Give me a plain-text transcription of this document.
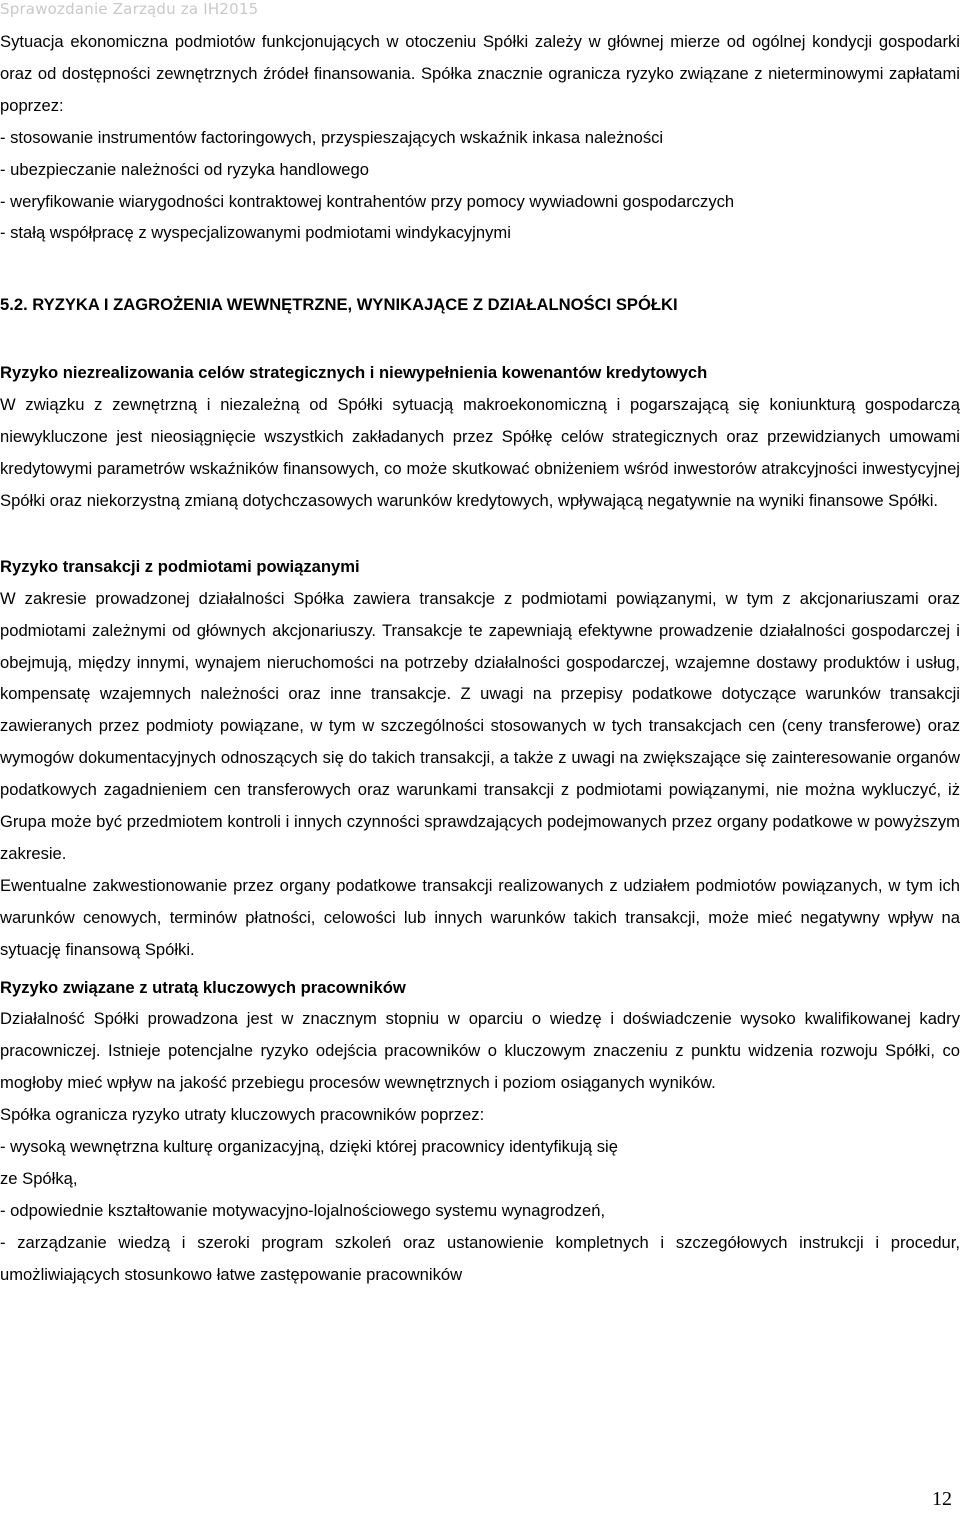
Sprawozdanie Zarządu za IH2015

Sytuacja ekonomiczna podmiotów funkcjonujących w otoczeniu Spółki zależy w głównej mierze od ogólnej kondycji gospodarki oraz od dostępności zewnętrznych źródeł finansowania. Spółka znacznie ogranicza ryzyko związane z nieterminowymi zapłatami poprzez:

- stosowanie instrumentów factoringowych, przyspieszających wskaźnik inkasa należności

- ubezpieczanie należności od ryzyka handlowego

- weryfikowanie wiarygodności kontraktowej kontrahentów przy pomocy wywiadowni gospodarczych

- stałą współpracę z wyspecjalizowanymi podmiotami windykacyjnymi

5.2. RYZYKA I ZAGROŻENIA WEWNĘTRZNE, WYNIKAJĄCE Z DZIAŁALNOŚCI SPÓŁKI

Ryzyko niezrealizowania celów strategicznych i niewypełnienia kowenantów kredytowych

W związku z zewnętrzną i niezależną od Spółki sytuacją makroekonomiczną i pogarszającą się koniunkturą gospodarczą niewykluczone jest nieosiągnięcie wszystkich zakładanych przez Spółkę celów strategicznych oraz przewidzianych umowami kredytowymi parametrów wskaźników finansowych, co może skutkować obniżeniem wśród inwestorów atrakcyjności inwestycyjnej Spółki oraz niekorzystną zmianą dotychczasowych warunków kredytowych, wpływającą negatywnie na wyniki finansowe Spółki.

Ryzyko transakcji z podmiotami powiązanymi

W zakresie prowadzonej działalności Spółka zawiera transakcje z podmiotami powiązanymi, w tym z akcjonariuszami oraz podmiotami zależnymi od głównych akcjonariuszy. Transakcje te zapewniają efektywne prowadzenie działalności gospodarczej i obejmują, między innymi, wynajem nieruchomości na potrzeby działalności gospodarczej, wzajemne dostawy produktów i usług, kompensatę wzajemnych należności oraz inne transakcje. Z uwagi na przepisy podatkowe dotyczące warunków transakcji zawieranych przez podmioty powiązane, w tym w szczególności stosowanych w tych transakcjach cen (ceny transferowe) oraz wymogów dokumentacyjnych odnoszących się do takich transakcji, a także z uwagi na zwiększające się zainteresowanie organów podatkowych zagadnieniem cen transferowych oraz warunkami transakcji z podmiotami powiązanymi, nie można wykluczyć, iż Grupa może być przedmiotem kontroli i innych czynności sprawdzających podejmowanych przez organy podatkowe w powyższym zakresie.

Ewentualne zakwestionowanie przez organy podatkowe transakcji realizowanych z udziałem podmiotów powiązanych, w tym ich warunków cenowych, terminów płatności, celowości lub innych warunków takich transakcji, może mieć negatywny wpływ na sytuację finansową Spółki.

Ryzyko związane z utratą kluczowych pracowników

Działalność Spółki prowadzona jest w znacznym stopniu w oparciu o wiedzę i doświadczenie wysoko kwalifikowanej kadry pracowniczej. Istnieje potencjalne ryzyko odejścia pracowników o kluczowym znaczeniu z punktu widzenia rozwoju Spółki, co mogłoby mieć wpływ na jakość przebiegu procesów wewnętrznych i poziom osiąganych wyników.

Spółka ogranicza ryzyko utraty kluczowych pracowników poprzez:

- wysoką wewnętrzna kulturę organizacyjną, dzięki której pracownicy identyfikują się

ze Spółką,

- odpowiednie kształtowanie motywacyjno-lojalnościowego systemu wynagrodzeń,

- zarządzanie wiedzą i szeroki program szkoleń oraz ustanowienie kompletnych i szczegółowych instrukcji i procedur, umożliwiających stosunkowo łatwe zastępowanie pracowników

12
